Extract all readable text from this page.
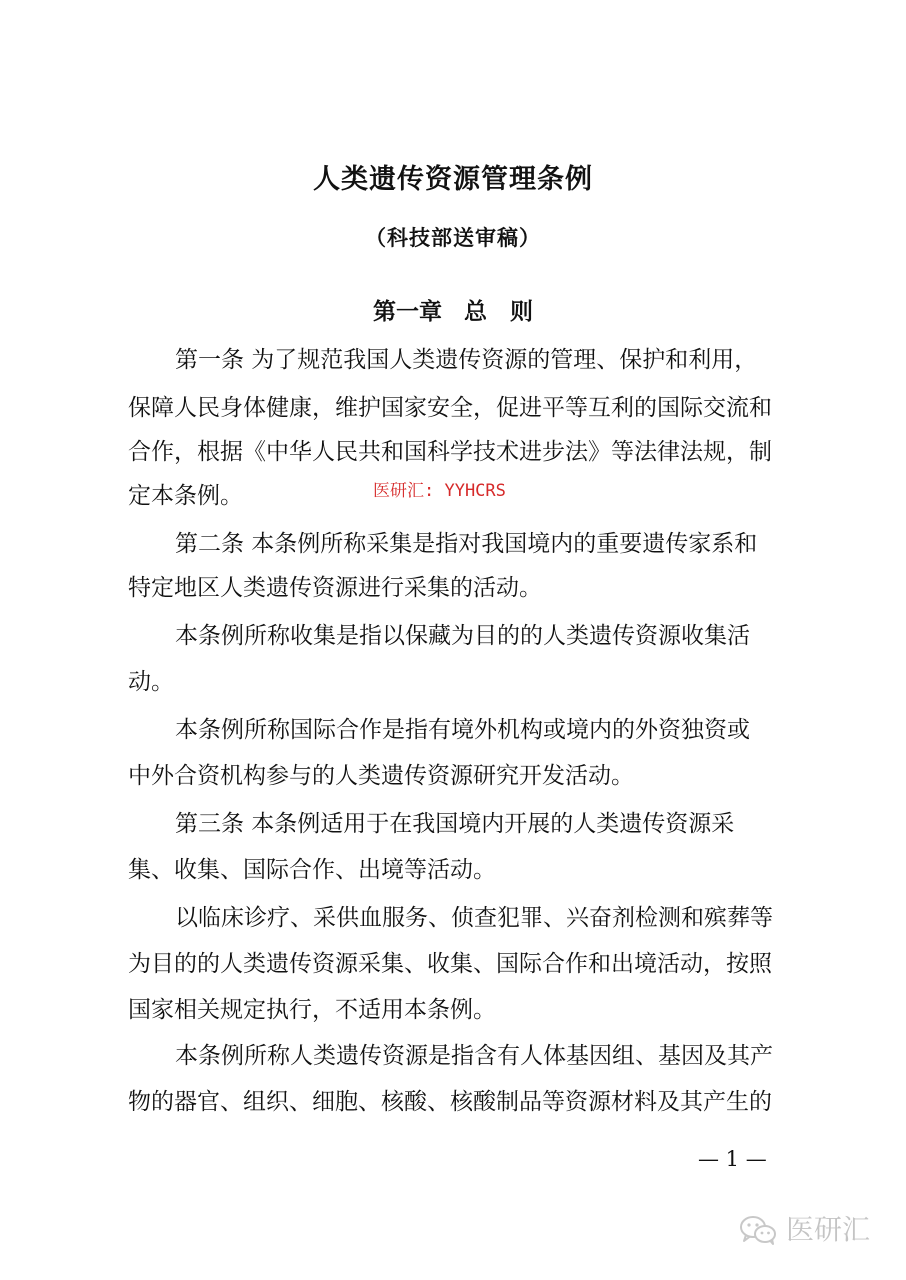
人类遗传资源管理条例
（科技部送审稿）
第一章 总　则
第一条 为了规范我国人类遗传资源的管理、保护和利用，
保障人民身体健康，维护国家安全，促进平等互利的国际交流和
合作，根据《中华人民共和国科学技术进步法》等法律法规，制
定本条例。	医研汇: YYHCRS
第二条 本条例所称采集是指对我国境内的重要遗传家系和
特定地区人类遗传资源进行采集的活动。
本条例所称收集是指以保藏为目的的人类遗传资源收集活
动。
本条例所称国际合作是指有境外机构或境内的外资独资或
中外合资机构参与的人类遗传资源研究开发活动。
第三条 本条例适用于在我国境内开展的人类遗传资源采
集、收集、国际合作、出境等活动。
以临床诊疗、采供血服务、侦查犯罪、兴奋剂检测和殡葬等
为目的的人类遗传资源采集、收集、国际合作和出境活动，按照
国家相关规定执行，不适用本条例。
本条例所称人类遗传资源是指含有人体基因组、基因及其产
物的器官、组织、细胞、核酸、核酸制品等资源材料及其产生的
— 1 —
医研汇
